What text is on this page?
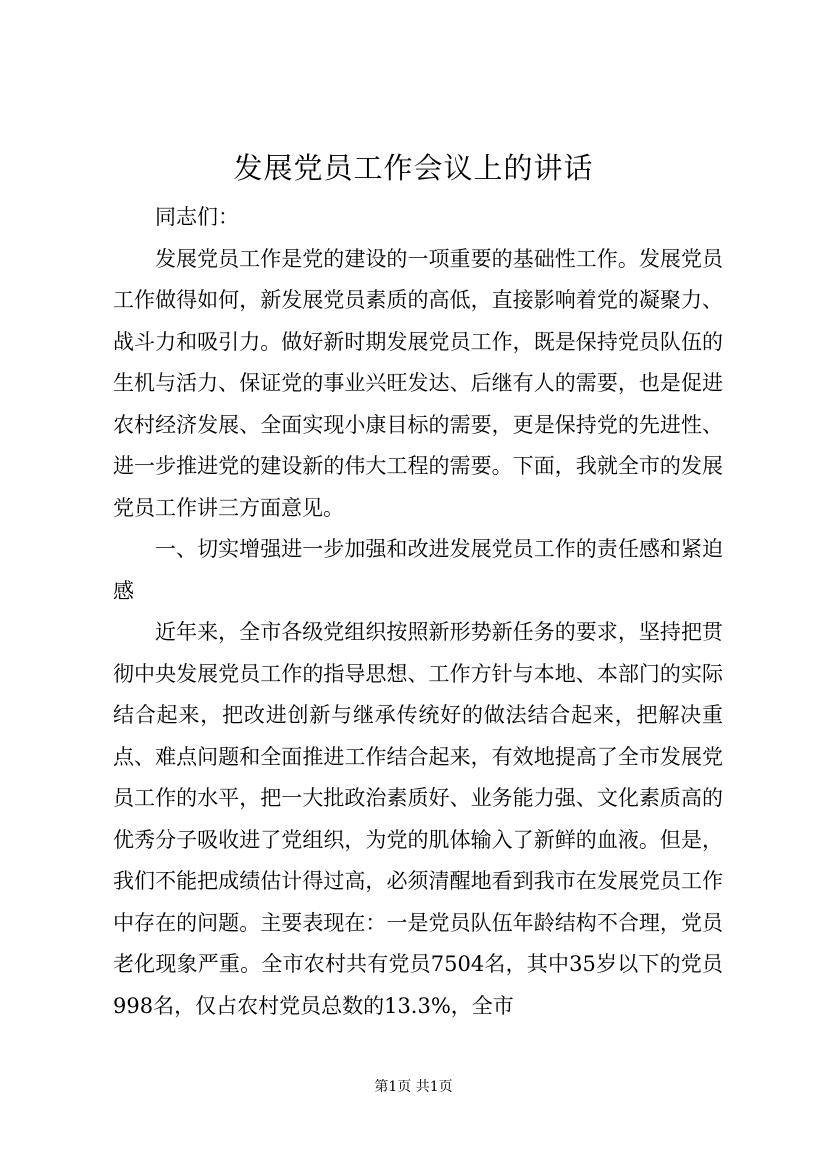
发展党员工作会议上的讲话

同志们：

发展党员工作是党的建设的一项重要的基础性工作。发展党员工作做得如何，新发展党员素质的高低，直接影响着党的凝聚力、战斗力和吸引力。做好新时期发展党员工作，既是保持党员队伍的生机与活力、保证党的事业兴旺发达、后继有人的需要，也是促进农村经济发展、全面实现小康目标的需要，更是保持党的先进性、进一步推进党的建设新的伟大工程的需要。下面，我就全市的发展党员工作讲三方面意见。

一、切实增强进一步加强和改进发展党员工作的责任感和紧迫感

近年来，全市各级党组织按照新形势新任务的要求，坚持把贯彻中央发展党员工作的指导思想、工作方针与本地、本部门的实际结合起来，把改进创新与继承传统好的做法结合起来，把解决重点、难点问题和全面推进工作结合起来，有效地提高了全市发展党员工作的水平，把一大批政治素质好、业务能力强、文化素质高的优秀分子吸收进了党组织，为党的肌体输入了新鲜的血液。但是，我们不能把成绩估计得过高，必须清醒地看到我市在发展党员工作中存在的问题。主要表现在：一是党员队伍年龄结构不合理，党员老化现象严重。全市农村共有党员7504名，其中35岁以下的党员998名，仅占农村党员总数的13.3%，全市

第1页 共1页
